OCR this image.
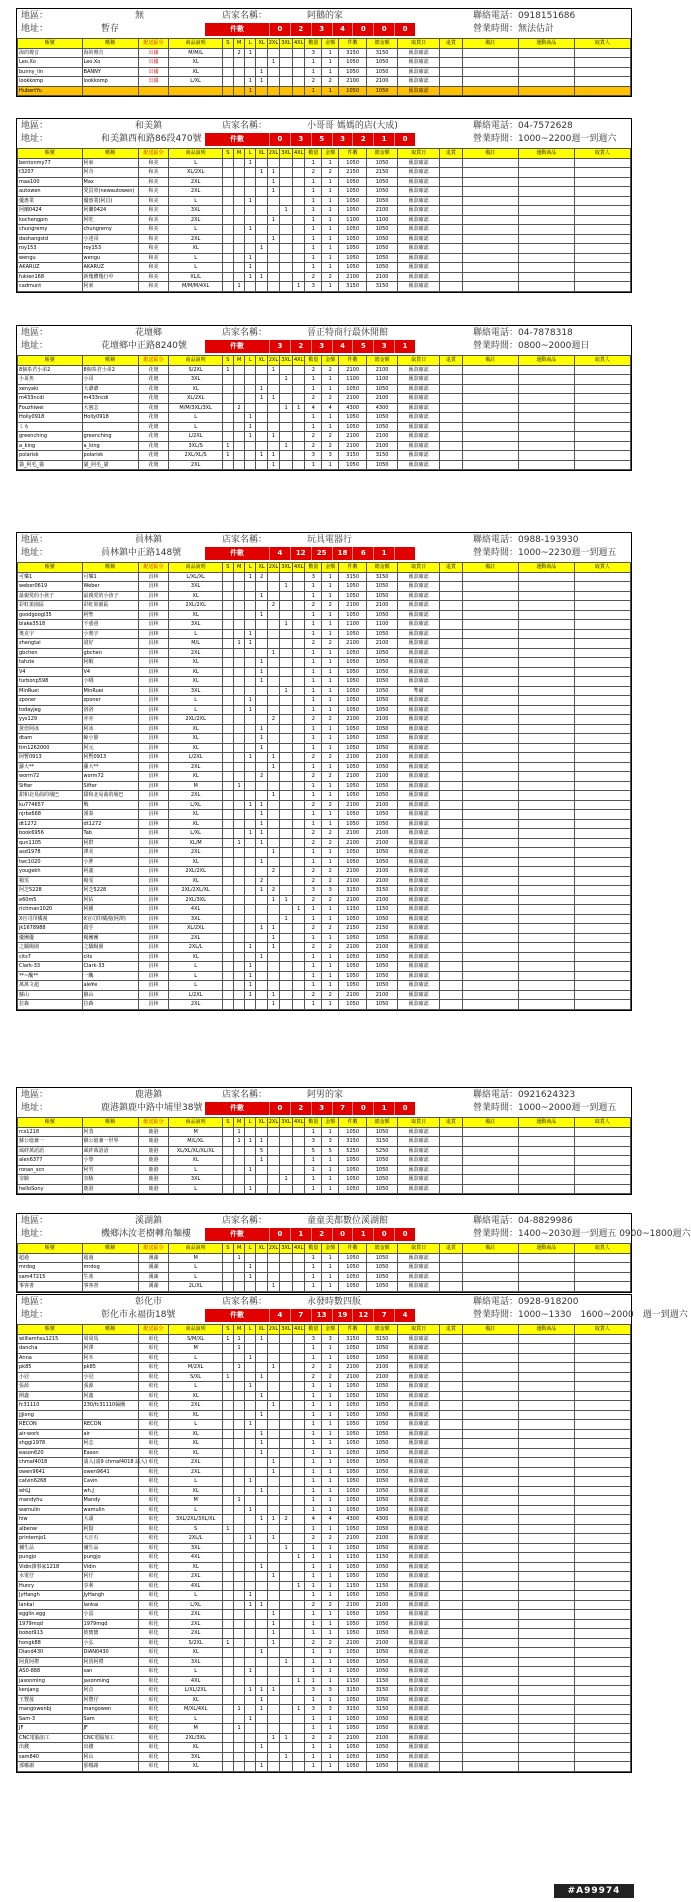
地區：	無
地址：	暫存
店家名稱：	阿鵝的家	聯絡電話：0918151686
營業時間：無法估計
件數	0	2	3	4	0	0	0
帳號	暱稱	配送區分	商品說明	S	M	L	XL	2XL	3XL	4XL	數量	金額	件數	總金額	取貨日	退貨	備註	運動商品	取貨人
海的聲音	海的聲音	出國	M/M/L		2	1					3	1	3150	3150	匯款確認				
Leo.Xo	Leo.Xo	出國	XL					1			1	1	1050	1050	匯款確認				
bunny_lin	BANNY	出國	XL				1				1	1	1050	1050	匯款確認				
lookkomp	lookkomp	出國	L/XL			1	1				2	2	2100	2100	匯款確認				
HubertYu						1					1	1	1050	1050	匯款確認				
地區：	和美鎮
地址：	和美鎮西和路86段470號
店家名稱：	小哥哥 媽媽的店(大成)	聯絡電話：04-7572628
營業時間：1000~2200週一到週六
件數	0	3	5	3	2	1	0
帳號	暱稱	配送區分	商品說明	S	M	L	XL	2XL	3XL	4XL	數量	金額	件數	總金額	取貨日	退貨	備註	運動商品	取貨人
bentonmy77	阿東	和美	L			1					1	1	1050	1050	匯款確認				
t3207	阿奇	和美	XL/2XL				1	1			2	2	2150	2150	匯款確認				
maa100	Max	和美	2XL					1			1	1	1050	1050	匯款確認				
autowen	愛買車(newautowen)	和美	2XL					1			1	1	1050	1050	匯款確認				
優惠業	優惠業(阿昌)	和美	L			1					1	1	1050	1050	匯款確認				
阿蘭0424	阿蘭0424	和美	3XL						1		1	1	1050	2100	匯款確認				
kochengpin	阿吃	和美	2XL					1			1	1	1100	1100	匯款確認				
chungremy	chungremy	和美	L			1					1	1	1050	1050	匯款確認				
dashangstd	小達哥	和美	2XL					1			1	1	1050	1050	匯款確認				
roy153	roy153	和美	XL				1				1	1	1050	1050	匯款確認				
wengu	wengu	和美	L			1					1	1	1050	1050	匯款確認				
AKARUZ	AKARUZ	和美	L			1					1	1	1050	1050	匯款確認				
fukien168	新幾體幾行中	和美	XL/L			1	1				2	2	2100	2100	匯款確認				
cadmunt	阿東	和美	M/M/M/4XL		1					1	3	1	3150	3150	匯款確認				
地區：	花壇鄉
地址：	花壇鄉中正路8240號
店家名稱：	晉正特商行最休閒館	聯絡電話：04-7878318
營業時間：0800~2000週日
件數	3	2	3	4	5	3	1
帳號	暱稱	配送區分	商品說明	S	M	L	XL	2XL	3XL	4XL	數量	金額	件數	總金額	取貨日	退貨	備註	運動商品	取貨人
8個糸君小弟2	8個糸君小弟2	花壇	S/2XL	1				1			2	2	2100	2100	匯款確認				
小哥魚	小哥	花壇	3XL						1		1	1	1100	1100	匯款確認				
xenyaki	大爺爺	花壇	XL				1				1	1	1050	1050	匯款確認				
m433ncdi	m433ncdi	花壇	XL/2XL				1	1			2	2	2100	2100	匯款確認				
Fouzhiwei	大憲志	花壇	M/M/3XL/3XL		2				1	1	4	4	4300	4300	匯款確認				
Holly0918	Holly0918	花壇	L			1					1	1	1050	1050	匯款確認				
くも		花壇	L			1					1	1	1050	1050	匯款確認				
greenching	greenching	花壇	L/2XL			1		1			2	2	2100	2100	匯款確認				
a_king	a_king	花壇	3XL/S	1					1		2	2	2100	2100	匯款確認				
polarisk	polarisk	花壇	2XL/XL/S	1			1	1			3	3	3150	3150	匯款確認				
貓_阿毛_貓	貓_阿毛_貓	花壇	2XL					1			1	1	1050	1050	匯款確認				
地區：	員林鎮
地址：	員林鎮中正路148號
店家名稱：	玩具電器行	聯絡電話：0988-193930
營業時間：1000~2230週一到週五
件數	4	12	25	18	6	1
帳號	暱稱	配送區分	商品說明	S	M	L	XL	2XL	3XL	4XL	數量	金額	件數	總金額	取貨日	退貨	備註	運動商品	取貨人
可樂1	可樂1	員林	L/XL/XL			1	2				3	1	3150	3150	匯款確認				
weber0619	Weber	員林	3XL						1		1	1	1050	1050	匯款確認				
最親愛的小孩子	最親愛的小孩子	員林	XL				1				1	1	1050	1050	匯款確認				
彩虹果園區	彩虹果園區	員林	2XL/2XL					2			2	2	2100	2100	匯款確認				
goodgoogl35	阿聖	員林	XL				1				1	1	1050	1050	匯款確認				
blake3518	不惑爸	員林	3XL						1		1	1	1100	1100	匯款確認				
奧克宇	小奧宇	員林	L			1					1	1	1050	1050	匯款確認				
zhengtai	證好	員林	M/L		1	1					2	2	2100	2100	匯款確認				
gbchen	gbchen	員林	2XL					1			1	1	1050	1050	匯款確認				
tahzie	阿蝦	員林	XL				1				1	1	1050	1050	匯款確認				
V4	V4	員林	XL				1				1	1	1050	1050	匯款確認				
turbonp598	小哦	員林	XL				1				1	1	1050	1050	匯款確認				
MinRuei	MinRuei	員林	3XL						1		1	1	1050	1050	準備				
zponer	zponer	員林	L			1					1	1	1050	1050	匯款確認				
todayjeg	洛洛	員林	L			1					1	1	1050	1050	匯款確認				
yys129	亦亦	員林	2XL/2XL					2			2	2	2100	2100	匯款確認				
黃倍阿冰	阿冰	員林	XL				1				1	1	1050	1050	匯款確認				
dtam	蟑小靜	員林	XL				1				1	1	1050	1050	匯款確認				
tim1262000	阿元	員林	XL				1				1	1	1050	1050	匯款確認				
阿暫0913	阿暫0913	員林	L/2XL			1		1			2	2	2100	2100	匯款確認				
蘿大**	蘿大**	員林	2XL					1			1	1	1050	1050	匯款確認				
worm72	worm72	員林	XL				2				2	2	2100	2100	匯款確認				
Sifter	Sifter	員林	M		1						1	1	1050	1050	匯款確認				
甜和北易曲的埔巴	甜和北易曲的埔巴	員林	2XL					1			1	1	1050	1050	匯款確認				
ku774657	戰	員林	L/XL			1	1				2	2	2100	2100	匯款確認				
njrbs668	漢秦	員林	XL				1				1	1	1050	1050	匯款確認				
dt1272	dt1272	員林	XL				1				1	1	1050	1050	匯款確認				
book6956	Tab	員林	L/XL			1	1				2	2	2100	2100	匯款確認				
qun1105	阿群	員林	XL/M		1		1				2	2	2100	2100	匯款確認				
asd1978	澤美	員林	2XL					1			1	1	1050	1050	匯款確認				
twc1020	小胖	員林	XL				1				1	1	1050	1050	匯款確認				
yougekh	阿鑫	員林	2XL/2XL					2			2	2	2100	2100	匯款確認				
楊雯	楊雯	員林	XL				2				2	2	2100	2100	匯款確認				
阿芝5228	阿芝5228	員林	2XL/2XL/XL				1	2			3	3	3150	3150	匯款確認				
e60m5	阿佑	員林	2XL/3XL					1	1		2	2	2100	2100	匯款確認				
richman1020	阿鍾	員林	4XL							1	1	1	1150	1150	匯款確認				
X官司印橘漫	X官司印橘漫(阿澤)	員林	3XL						1		1	1	1050	1050	匯款確認				
jk1678988	殺手	員林	XL/2XL				1	1			2	2	2150	2150	匯款確認				
優團優	楊團團	員林	2XL					1			1	1	1050	1050	匯款確認				
之驕陽園	之驕陽園	員林	2XL/L			1		1			2	2	2100	2100	匯款確認				
cits7	cits	員林	XL				1				1	1	1050	1050	匯款確認				
Clark-33	Clark-33	員林	L			1					1	1	1050	1050	匯款確認				
**~醜**	一醜	員林	L			1					1	1	1050	1050	匯款確認				
萬萬文超	ale¥e	員林	L			1					1	1	1050	1050	匯款確認				
蘇山	蘇山	員林	L/2XL			1		1			2	2	2100	2100	匯款確認				
拉森	拉森	員林	2XL					1			1	1	1050	1050	匯款確認				
地區：	鹿港鎮
地址：	鹿港鎮鹿中路中埔里38號
店家名稱：	阿男的家	聯絡電話：0921624323
營業時間：1000~2000週一到週五
件數	0	2	3	7	0	1	0
帳號	暱稱	配送區分	商品說明	S	M	L	XL	2XL	3XL	4XL	數量	金額	件數	總金額	取貨日	退貨	備註	運動商品	取貨人
rcs1218	阿蒸	鹿港	M		1						1	1	1050	1050	匯款確認				
蘇公億兼一	蘇公億兼一世界	鹿港	M/L/XL		1	1	1				3	3	3150	3150	匯款確認				
風絆萬語語	風絆萬語語	鹿港	XL/XL/XL/XL/XL				5				5	5	5250	5250	匯款確認				
alen6377	小黎	鹿港	XL				1				1	1	1050	1050	匯款確認				
ronan_scn	阿男	鹿港	L			1					1	1	1050	1050	匯款確認				
奈駿	奈駿	鹿港	3XL						1		1	1	1050	1050	匯款確認				
helloSony	鹿港	鹿港	L			1					1	1	1050	1050	匯款確認				
地區：	溪湖鎮
地址：	機鄉沐汝老樹轉角麵樓
店家名稱：	童童美都數位溪湖館	聯絡電話：04-8829986
營業時間：1400~2030週一到週五 0900~1800週六
件數	0	1	2	0	1	0	0
帳號	暱稱	配送區分	商品說明	S	M	L	XL	2XL	3XL	4XL	數量	金額	件數	總金額	取貨日	退貨	備註	運動商品	取貨人
超過	超過	溪湖	M		1						1	1	1050	1050	匯款確認				
mrdog	mrdog	溪湖	L			1					1	1	1050	1050	匯款確認				
sam47215	生產	溪湖	L			1					1	1	1050	1050	匯款確認				
事客書	事客書	溪湖	2L/XL					1			1	1	1050	1050	匯款確認				
地區：	彰化市
地址：	彰化市永福街18號
店家名稱：	永發時數四版	聯絡電話：0928-918200
營業時間：1000~1330　1600~2000　週一到週六
件數	4	7	13	19	12	7	4
帳號	暱稱	配送區分	商品說明	S	M	L	XL	2XL	3XL	4XL	數量	金額	件數	總金額	取貨日	退貨	備註	運動商品	取貨人
williamhsu1215	周周馬	彰化	S/M/XL	1	1		1				3	3	3150	3150	匯款確認				
dancha	阿澤	彰化	M		1						1	1	1050	1050	匯款確認				
Anna	阿木	彰化	L			1					1	1	1050	1050	匯款確認				
pk85	pk85	彰化	M/2XL		1			1			2	2	2100	2100	匯款確認				
小冠	小冠	彰化	S/XL	1			1				2	2	2100	2100	匯款確認				
張源	張源	彰化	L			1					1	1	1050	1050	匯款確認				
開鑫	阿鑫	彰化	XL				1				1	1	1050	1050	匯款確認				
fc31110	230/fc31110偏團	彰化	2XL					1			1	1	1050	1050	匯款確認				
jjjiong		彰化	XL				1				1	1	1050	1050	匯款確認				
RECON	RECON	彰化	L			1					1	1	1050	1050	匯款確認				
air-work	air	彰化	XL				1				1	1	1050	1050	匯款確認				
shggi1978	阿志	彰化	XL				1				1	1	1050	1050	匯款確認				
eason620	Eason	彰化	XL				1				1	1	1050	1050	匯款確認				
chmaf4018	請入(請9 chmaf4018 請入)	彰化	2XL					1			1	1	1050	1050	匯款確認				
owen9641	owen9641	彰化	2XL					1			1	1	1050	1050	匯款確認				
calvin6268	Cavin	彰化	L			1					1	1	1050	1050	匯款確認				
whLJ	wh.J	彰化	XL				1				1	1	1050	1050	匯款確認				
mandyhu	Mandy	彰化	M		1						1	1	1050	1050	匯款確認				
wamulin	wamulin	彰化	L			1					1	1	1050	1050	匯款確認				
hiw	大頭	彰化	3XL/2XL/3XL/XL				1	1	2		4	4	4300	4300	匯款確認				
albenw	阿賢	彰化	S	1							1	1	1050	1050	匯款確認				
printemjo1	大正石	彰化	2XL/L			1		1			2	2	2100	2100	匯款確認				
彌生品	彌生品	彰化	3XL						1		1	1	1050	1050	匯款確認				
pungjo	pungjo	彰化	4XL							1	1	1	1150	1150	匯款確認				
Vidin雜事家1218	Vidin	彰化	XL				1				1	1	1050	1050	匯款確認				
水電仔	阿仔	彰化	2XL					1			1	1	1050	1050	匯款確認				
Hunry	享利	彰化	4XL							1	1	1	1150	1150	匯款確認				
JyHangh	JyHangh	彰化	L			1					1	1	1050	1050	匯款確認				
lankai	lankai	彰化	L/XL			1	1				2	2	2100	2100	匯款確認				
egglin.egg	小蛋	彰化	2XL					1			1	1	1050	1050	匯款確認				
1979mqd	1979mqd	彰化	2XL					1			1	1	1050	1050	匯款確認				
bobot913	彼寶寶	彰化	2XL					1			1	1	1050	1050	匯款確認				
hongk88	小弘	彰化	S/2XL	1				1			2	2	2100	2100	匯款確認				
Diand430	DIAN0430	彰化	XL				1				1	1	1050	1050	匯款確認				
阿貴阿禮	阿貴阿禮	彰化	3XL						1		1	1	1050	1050	匯款確認				
AS0-888	san	彰化	L			1					1	1	1050	1050	匯款確認				
jasonming	jasonming	彰化	4XL							1	1	1	1150	1150	匯款確認				
kenjang	阿貞	彰化	L/XL/2XL			1	1	1			3	3	3150	3150	匯款確認				
王豐晟	阿豐仔	彰化	XL				1				1	1	1050	1050	匯款確認				
mangowenbj	mangowen	彰化	M/XL/4XL		1		1			1	3	3	3150	3150	匯款確認				
Sam-3	Sam	彰化	L			1					1	1	1050	1050	匯款確認				
JF	JF	彰化	M		1						1	1	1050	1050	匯款確認				
CNC電腦加工	CNC電腦加工	彰化	2XL/3XL					1	1		2	2	2100	2100	匯款確認				
出錢	出錢	彰化	XL				1				1	1	1050	1050	匯款確認				
sam840	阿山	彰化	3XL						1		1	1	1050	1050	匯款確認				
那哪謝	那哪謝	彰化	XL				1				1	1	1050	1050	匯款確認				
#A99974
